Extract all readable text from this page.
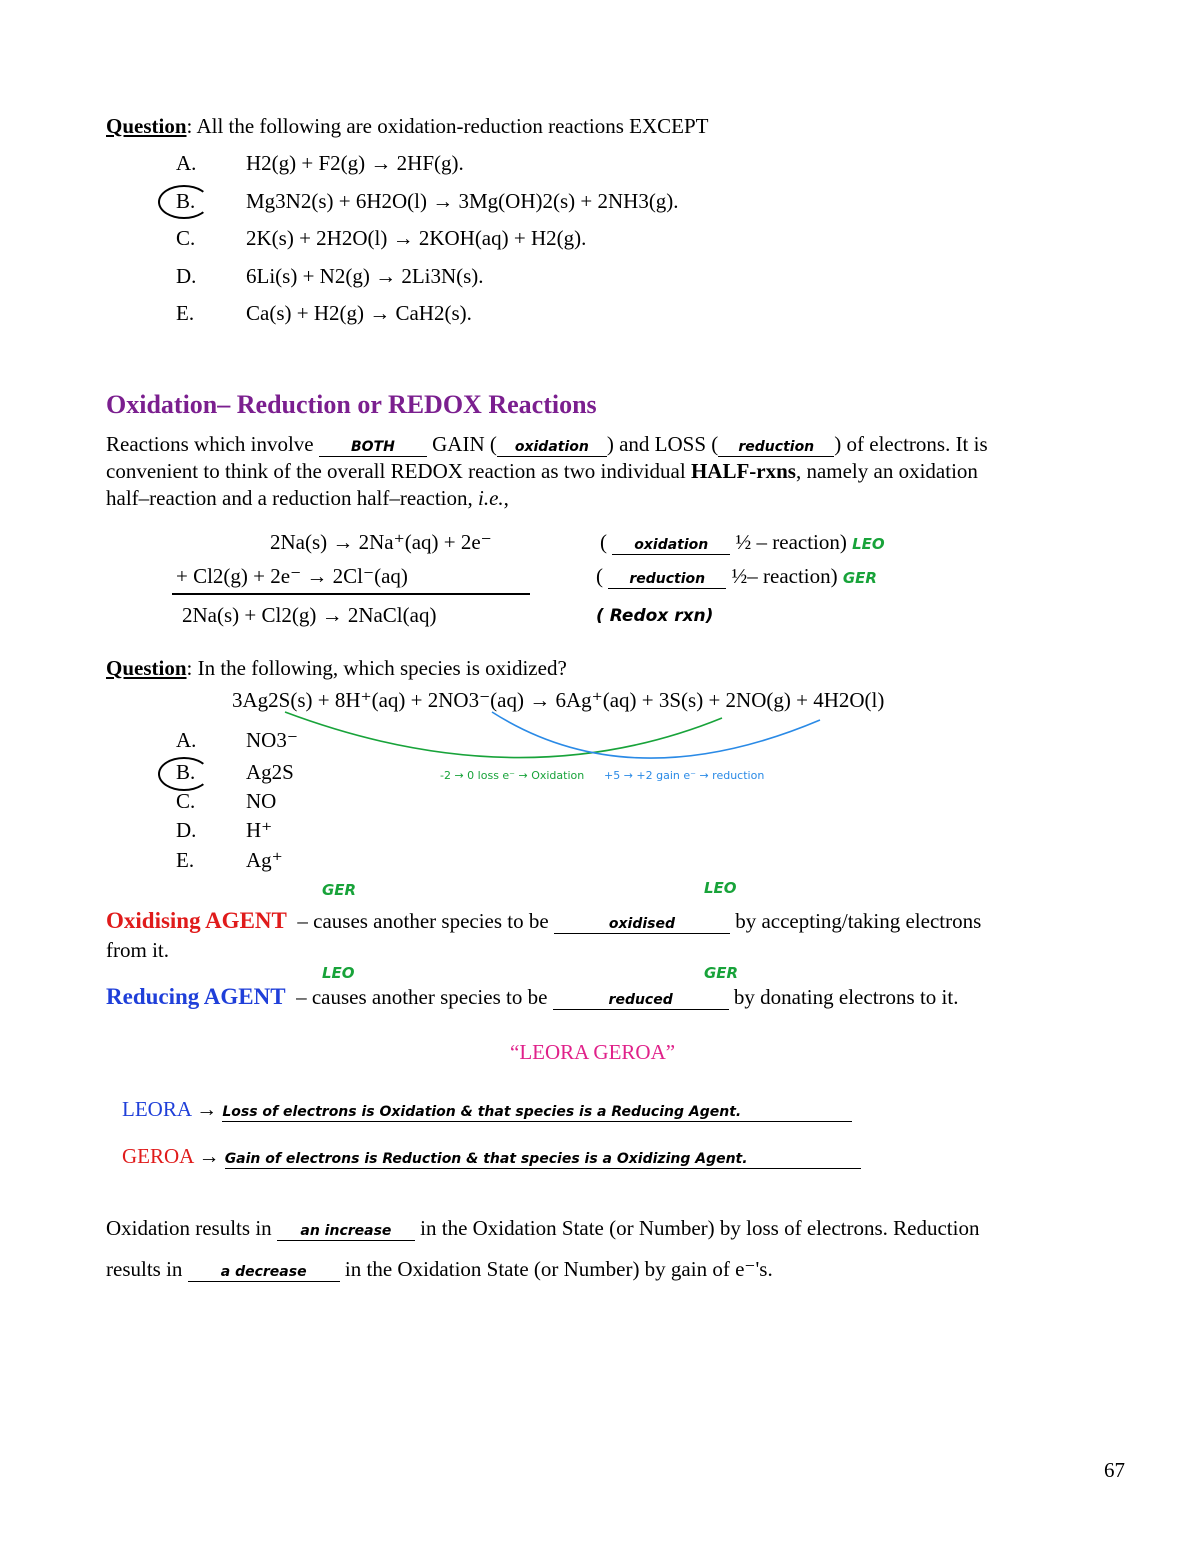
Question: All the following are oxidation-reduction reactions EXCEPT
A. H2(g) + F2(g) → 2HF(g).
B. Mg3N2(s) + 6H2O(l) → 3Mg(OH)2(s) + 2NH3(g).
C. 2K(s) + 2H2O(l) → 2KOH(aq) + H2(g).
D. 6Li(s) + N2(g) → 2Li3N(s).
E. Ca(s) + H2(g) → CaH2(s).
Oxidation– Reduction or REDOX Reactions
Reactions which involve	BOTH GAIN ( oxidation ) and LOSS ( reduction ) of electrons. It is
convenient to think of the overall REDOX reaction as two individual HALF-rxns, namely an oxidation
half–reaction and a reduction half–reaction, i.e.,
2Na(s) → 2Na⁺(aq) + 2e⁻
+ Cl2(g) + 2e⁻ → 2Cl⁻(aq)
2Na(s) + Cl2(g) → 2NaCl(aq)
( oxidation ½ – reaction) LEO
( reduction ½– reaction) GER
( Redox rxn)
Question: In the following, which species is oxidized?
3Ag2S(s) + 8H⁺(aq) + 2NO3⁻(aq) → 6Ag⁺(aq) + 3S(s) + 2NO(g) + 4H2O(l)
A. NO3⁻
B. Ag2S
C. NO
D. H⁺
E. Ag⁺
-2 → 0 loss e⁻ → Oxidation +5 → +2 gain e⁻ → reduction
GER	LEO
Oxidising AGENT – causes another species to be	oxidised	by accepting/taking electrons
from it.
LEO	GER
Reducing AGENT – causes another species to be	reduced	by donating electrons to it.
“LEORA GEROA”
LEORA → Loss of electrons is Oxidation & that species is a Reducing Agent.
GEROA → Gain of electrons is Reduction & that species is a Oxidizing Agent.
Oxidation results in an increase in the Oxidation State (or Number) by loss of electrons. Reduction
results in	a decrease in the Oxidation State (or Number) by gain of e⁻'s.
67
